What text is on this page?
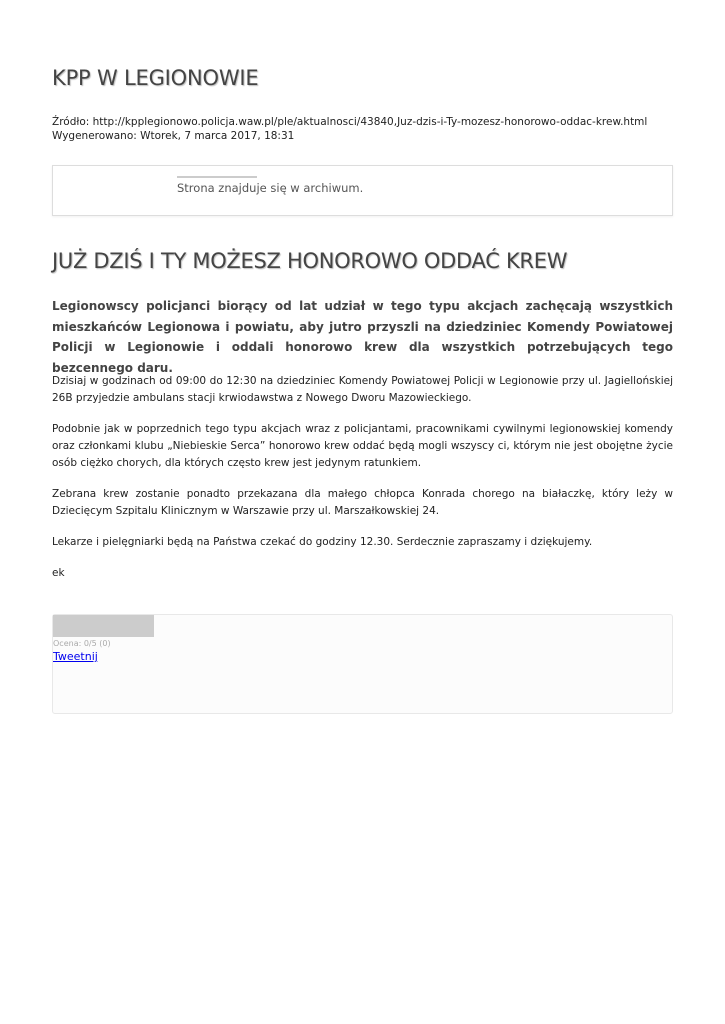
KPP W LEGIONOWIE
Źródło: http://kpplegionowo.policja.waw.pl/ple/aktualnosci/43840,Juz-dzis-i-Ty-mozesz-honorowo-oddac-krew.html
Wygenerowano: Wtorek, 7 marca 2017, 18:31
Strona znajduje się w archiwum.
JUŻ DZIŚ I TY MOŻESZ HONOROWO ODDAĆ KREW

Legionowscy policjanci biorący od lat udział w tego typu akcjach zachęcają wszystkich mieszkańców Legionowa i powiatu, aby jutro przyszli na dziedziniec Komendy Powiatowej Policji w Legionowie i oddali honorowo krew dla wszystkich potrzebujących tego bezcennego daru.

Dzisiaj w godzinach od 09:00 do 12:30 na dziedziniec Komendy Powiatowej Policji w Legionowie przy ul. Jagiellońskiej 26B przyjedzie ambulans stacji krwiodawstwa z Nowego Dworu Mazowieckiego.

Podobnie jak w poprzednich tego typu akcjach wraz z policjantami, pracownikami cywilnymi legionowskiej komendy oraz członkami klubu „Niebieskie Serca” honorowo krew oddać będą mogli wszyscy ci, którym nie jest obojętne życie osób ciężko chorych, dla których często krew jest jedynym ratunkiem.

Zebrana krew zostanie ponadto przekazana dla małego chłopca Konrada chorego na białaczkę, który leży w Dziecięcym Szpitalu Klinicznym w Warszawie przy ul. Marszałkowskiej 24.

Lekarze i pielęgniarki będą na Państwa czekać do godziny 12.30. Serdecznie zapraszamy i dziękujemy.

ek

Ocena: 0/5 (0)
Tweetnij
